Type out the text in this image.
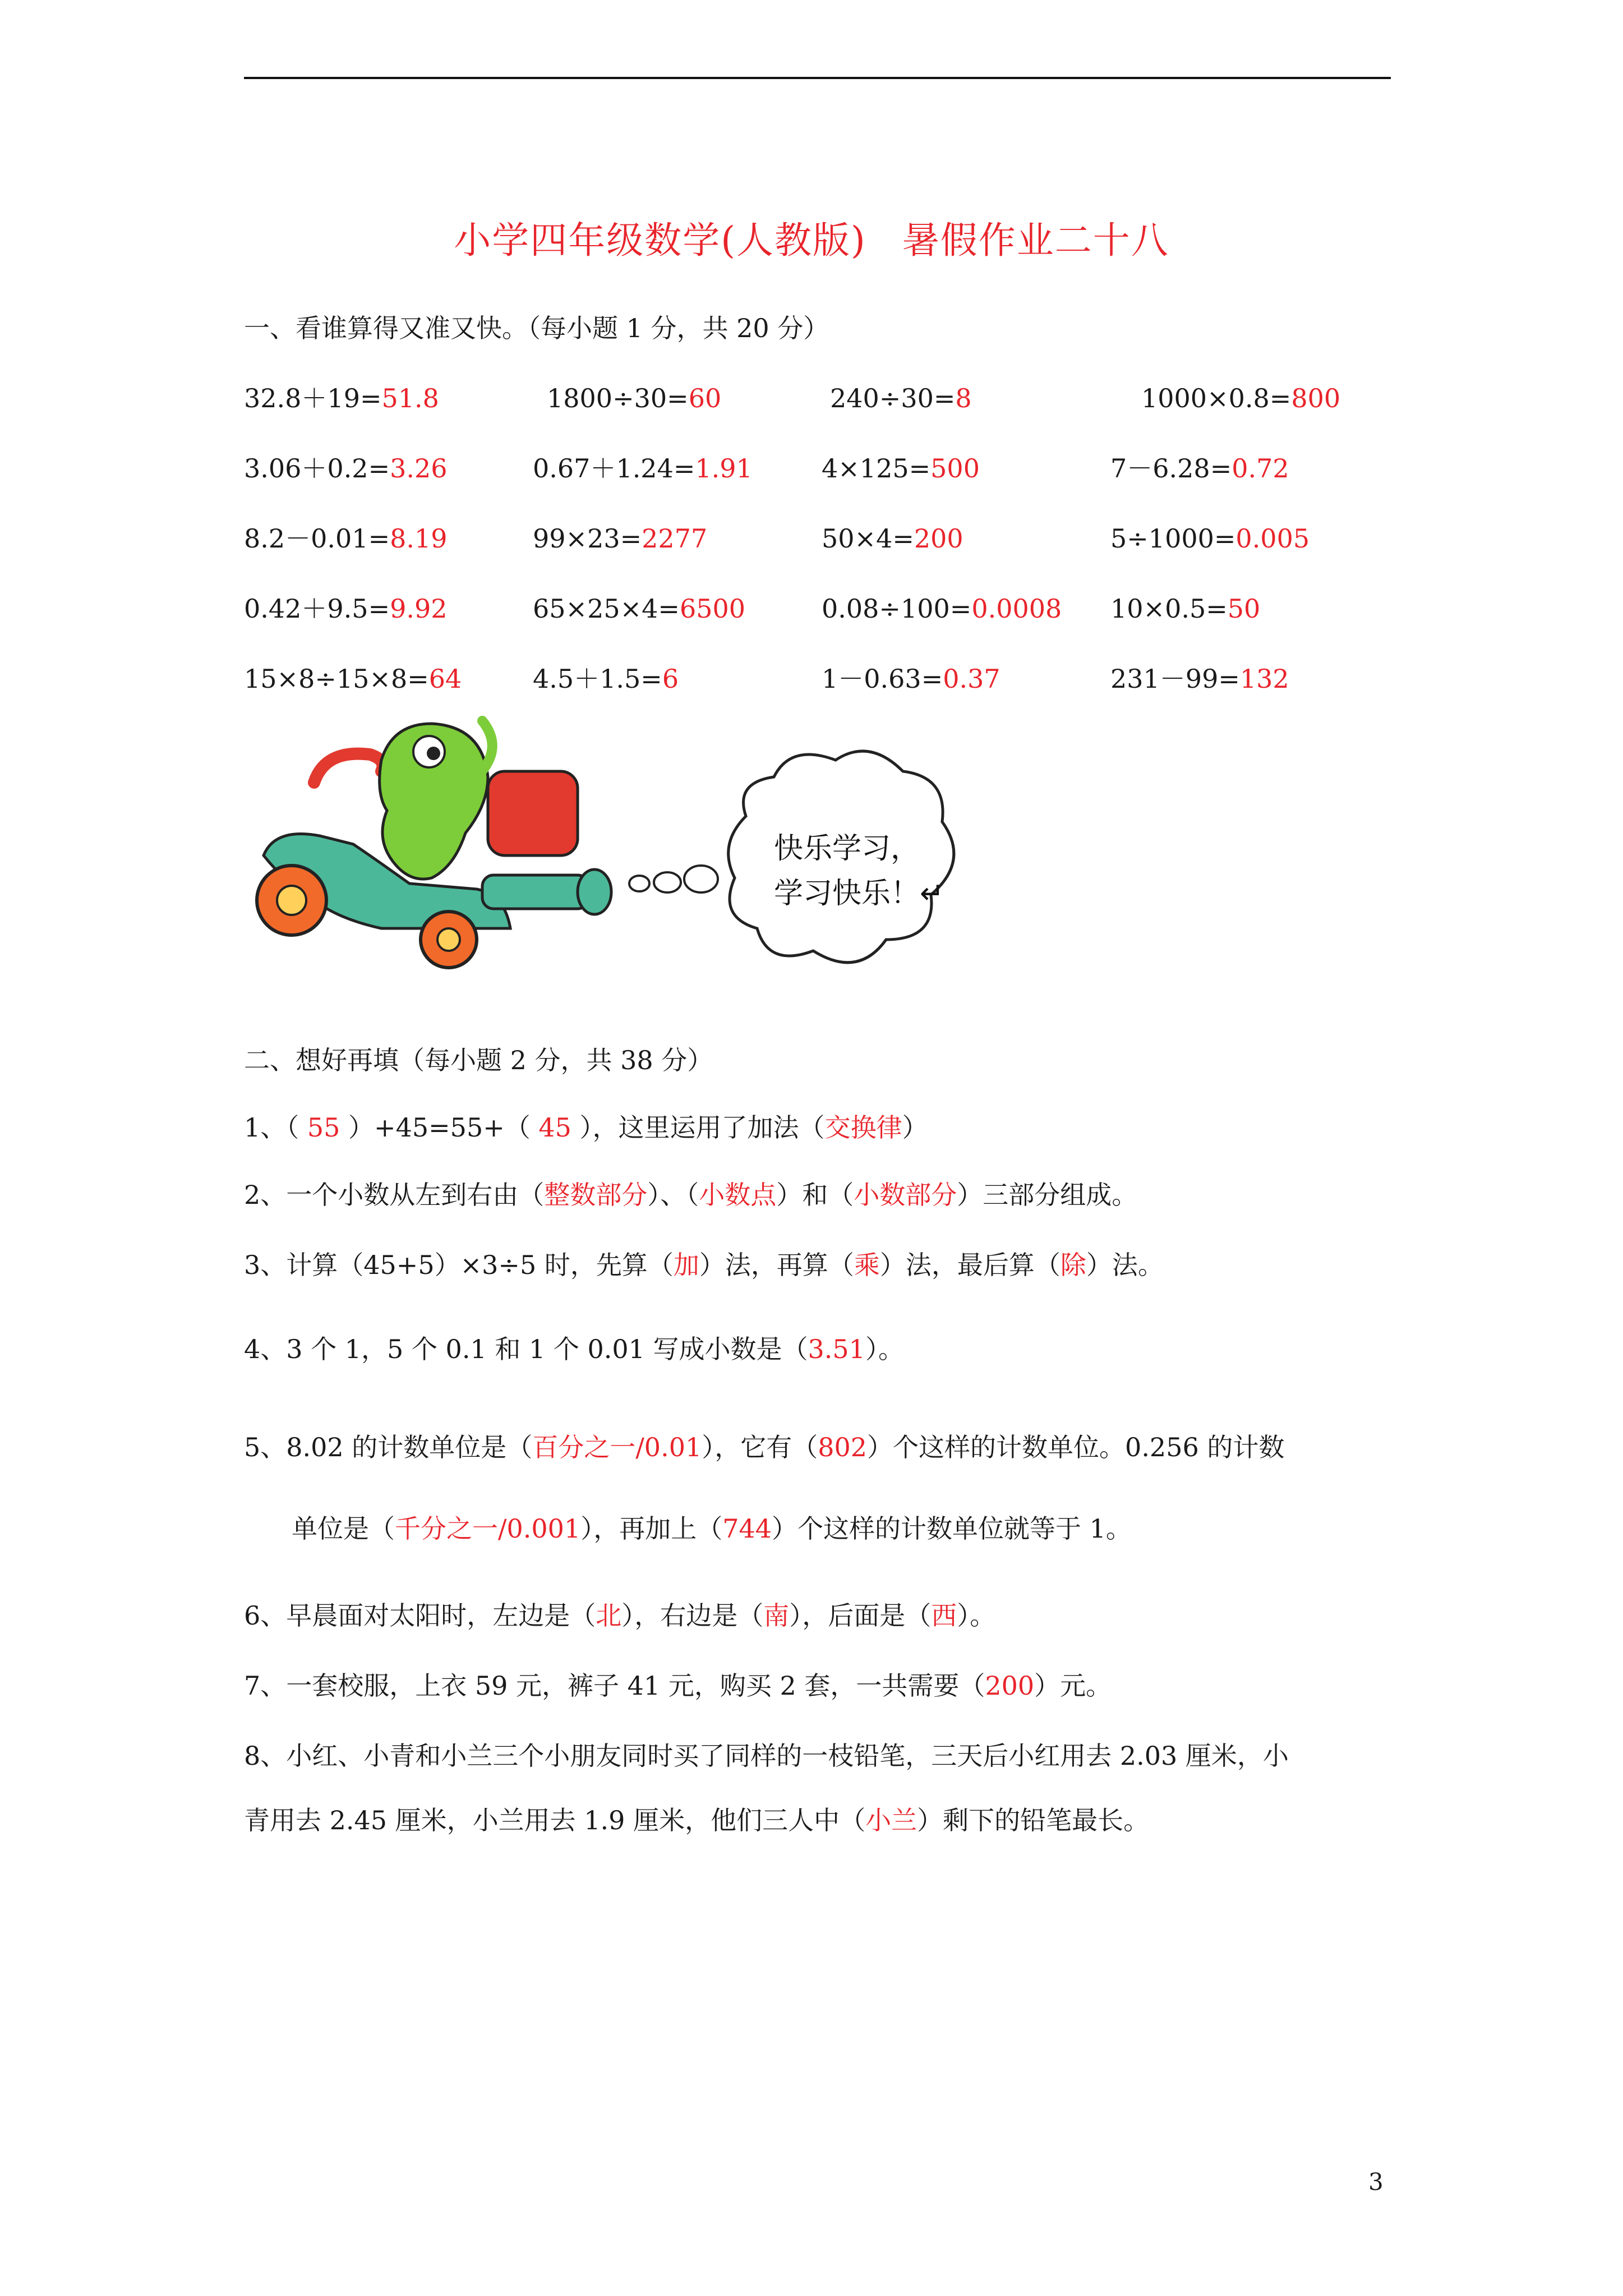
小学四年级数学(人教版) 暑假作业二十八
一、看谁算得又准又快。（每小题 1 分，共 20 分）
32.8＋19=51.8	1800÷30=60	240÷30=8	1000×0.8=800
3.06＋0.2=3.26	0.67＋1.24=1.91	4×125=500	7－6.28=0.72
8.2－0.01=8.19	99×23=2277	50×4=200	5÷1000=0.005
0.42＋9.5=9.92	65×25×4=6500	0.08÷100=0.0008 10×0.5=50
15×8÷15×8=64	4.5＋1.5=6	1－0.63=0.37	231－99=132
快乐学习，
学习快乐！↵
二、想好再填（每小题 2 分，共 38 分）
1、（ 55 ）+45=55+（ 45 ），这里运用了加法（交换律）
2、一个小数从左到右由（整数部分）、（小数点）和（小数部分）三部分组成。
3、计算（45+5）×3÷5 时，先算（加）法，再算（乘）法，最后算（除）法。
4、3 个 1，5 个 0.1 和 1 个 0.01 写成小数是（3.51）。
5、8.02 的计数单位是（百分之一/0.01），它有（802）个这样的计数单位。0.256 的计数
单位是（千分之一/0.001），再加上（744）个这样的计数单位就等于 1。
6、早晨面对太阳时，左边是（北），右边是（南），后面是（西）。
7、一套校服，上衣 59 元，裤子 41 元，购买 2 套，一共需要（200）元。
8、小红、小青和小兰三个小朋友同时买了同样的一枝铅笔，三天后小红用去 2.03 厘米，小
青用去 2.45 厘米，小兰用去 1.9 厘米，他们三人中（小兰）剩下的铅笔最长。
3
